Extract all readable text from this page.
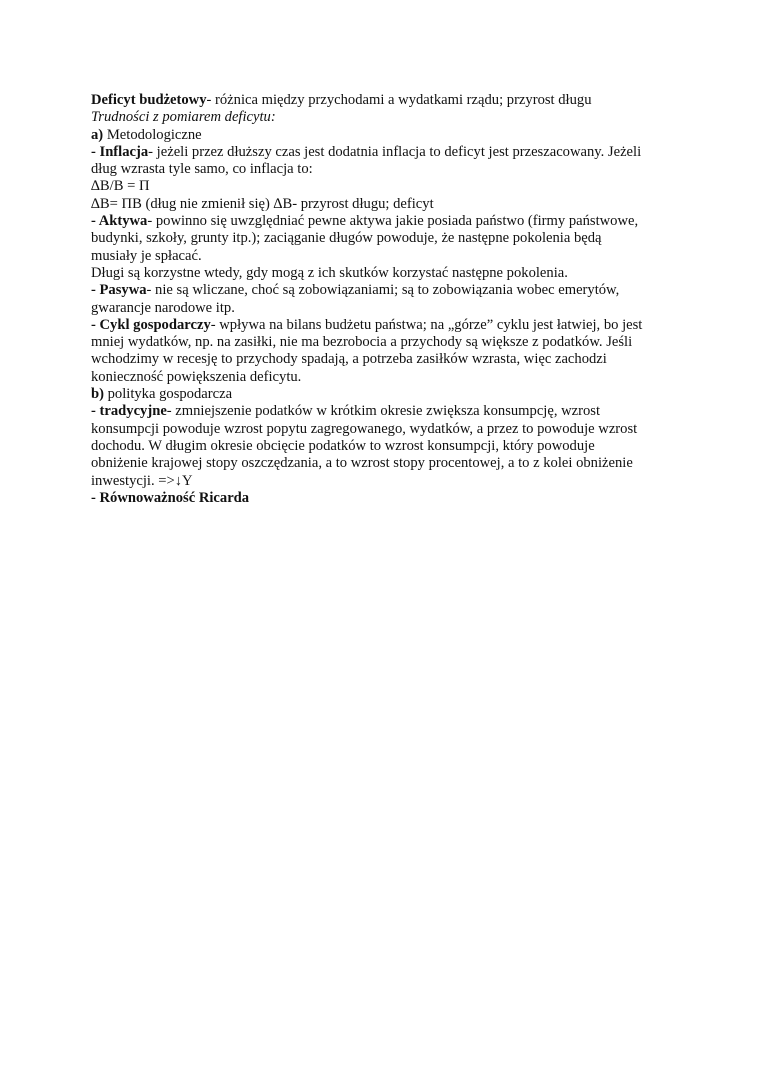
Deficyt budżetowy- różnica między przychodami a wydatkami rządu; przyrost długu
Trudności z pomiarem deficytu:
a) Metodologiczne
- Inflacja- jeżeli przez dłuższy czas jest dodatnia inflacja to deficyt jest przeszacowany. Jeżeli
dług wzrasta tyle samo, co inflacja to:
∆B/B = Π
∆B= ΠB (dług nie zmienił się) ∆B- przyrost długu; deficyt
- Aktywa- powinno się uwzględniać pewne aktywa jakie posiada państwo (firmy państwowe,
budynki, szkoły, grunty itp.); zaciąganie długów powoduje, że następne pokolenia będą
musiały je spłacać.
Długi są korzystne wtedy, gdy mogą z ich skutków korzystać następne pokolenia.
- Pasywa- nie są wliczane, choć są zobowiązaniami; są to zobowiązania wobec emerytów,
gwarancje narodowe itp.
- Cykl gospodarczy- wpływa na bilans budżetu państwa; na „górze” cyklu jest łatwiej, bo jest
mniej wydatków, np. na zasiłki, nie ma bezrobocia a przychody są większe z podatków. Jeśli
wchodzimy w recesję to przychody spadają, a potrzeba zasiłków wzrasta, więc zachodzi
konieczność powiększenia deficytu.
b) polityka gospodarcza
- tradycyjne- zmniejszenie podatków w krótkim okresie zwiększa konsumpcję, wzrost
konsumpcji powoduje wzrost popytu zagregowanego, wydatków, a przez to powoduje wzrost
dochodu. W długim okresie obcięcie podatków to wzrost konsumpcji, który powoduje
obniżenie krajowej stopy oszczędzania, a to wzrost stopy procentowej, a to z kolei obniżenie
inwestycji. =>↓Y
- Równoważność Ricarda
